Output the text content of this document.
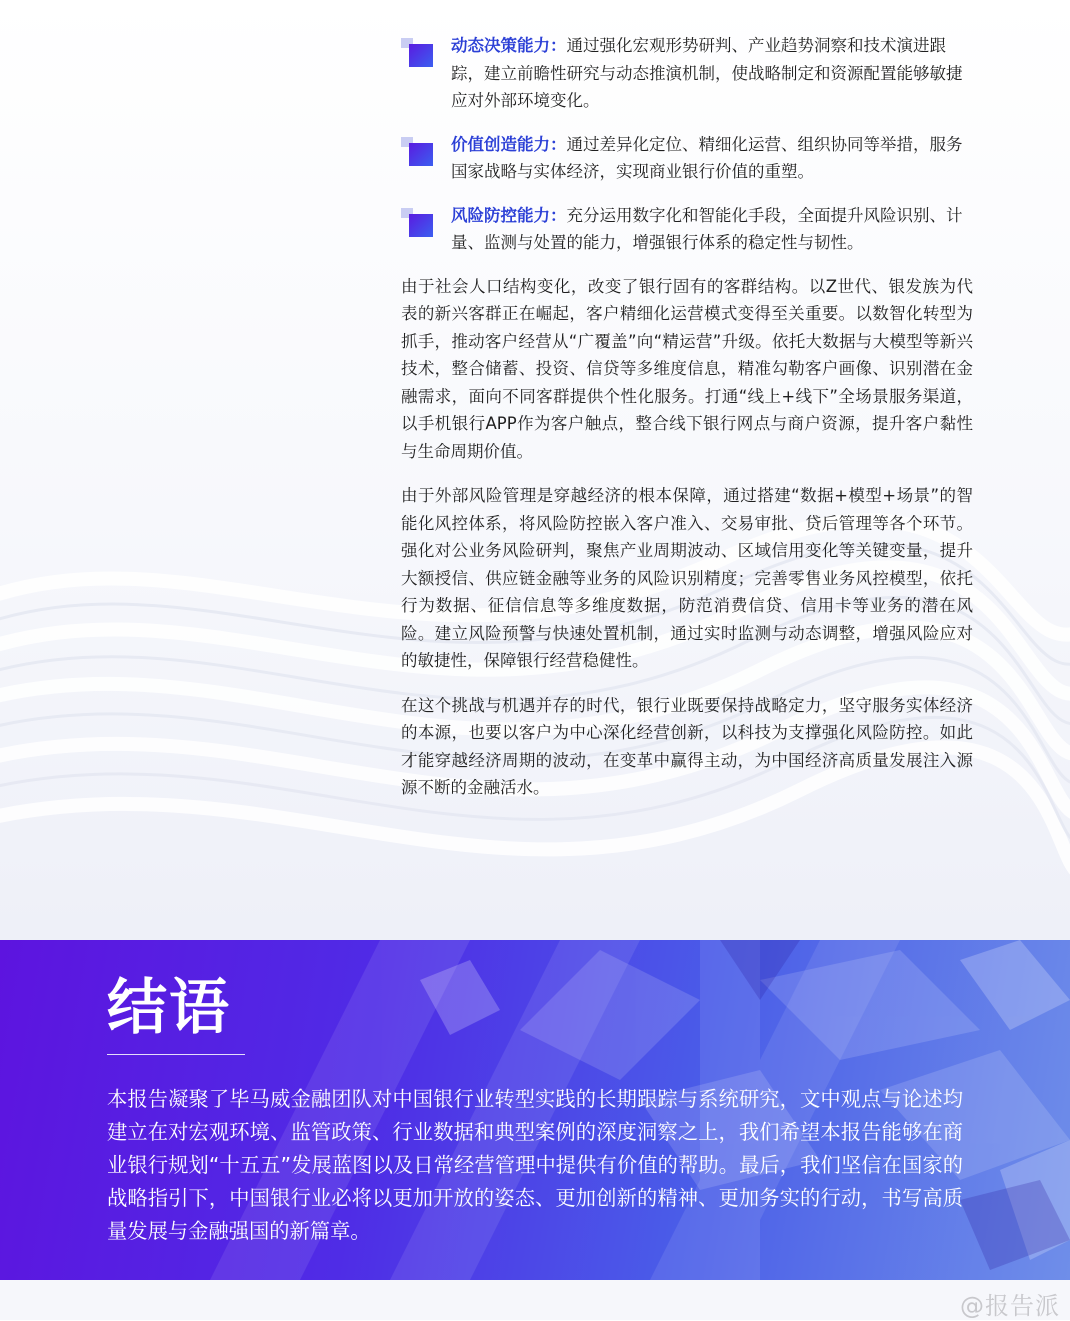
动态决策能力：通过强化宏观形势研判、产业趋势洞察和技术演进跟踪，建立前瞻性研究与动态推演机制，使战略制定和资源配置能够敏捷应对外部环境变化。
价值创造能力：通过差异化定位、精细化运营、组织协同等举措，服务国家战略与实体经济，实现商业银行价值的重塑。
风险防控能力：充分运用数字化和智能化手段，全面提升风险识别、计量、监测与处置的能力，增强银行体系的稳定性与韧性。

由于社会人口结构变化，改变了银行固有的客群结构。以Z世代、银发族为代表的新兴客群正在崛起，客户精细化运营模式变得至关重要。以数智化转型为抓手，推动客户经营从“广覆盖”向“精运营”升级。依托大数据与大模型等新兴技术，整合储蓄、投资、信贷等多维度信息，精准勾勒客户画像、识别潜在金融需求，面向不同客群提供个性化服务。打通“线上+线下”全场景服务渠道，以手机银行APP作为客户触点，整合线下银行网点与商户资源，提升客户黏性与生命周期价值。

由于外部风险管理是穿越经济的根本保障，通过搭建“数据+模型+场景”的智能化风控体系，将风险防控嵌入客户准入、交易审批、贷后管理等各个环节。强化对公业务风险研判，聚焦产业周期波动、区域信用变化等关键变量，提升大额授信、供应链金融等业务的风险识别精度；完善零售业务风控模型，依托行为数据、征信信息等多维度数据，防范消费信贷、信用卡等业务的潜在风险。建立风险预警与快速处置机制，通过实时监测与动态调整，增强风险应对的敏捷性，保障银行经营稳健性。

在这个挑战与机遇并存的时代，银行业既要保持战略定力，坚守服务实体经济的本源，也要以客户为中心深化经营创新，以科技为支撑强化风险防控。如此才能穿越经济周期的波动，在变革中赢得主动，为中国经济高质量发展注入源源不断的金融活水。

结语

本报告凝聚了毕马威金融团队对中国银行业转型实践的长期跟踪与系统研究，文中观点与论述均建立在对宏观环境、监管政策、行业数据和典型案例的深度洞察之上，我们希望本报告能够在商业银行规划“十五五”发展蓝图以及日常经营管理中提供有价值的帮助。最后，我们坚信在国家的战略指引下，中国银行业必将以更加开放的姿态、更加创新的精神、更加务实的行动，书写高质量发展与金融强国的新篇章。

@报告派
